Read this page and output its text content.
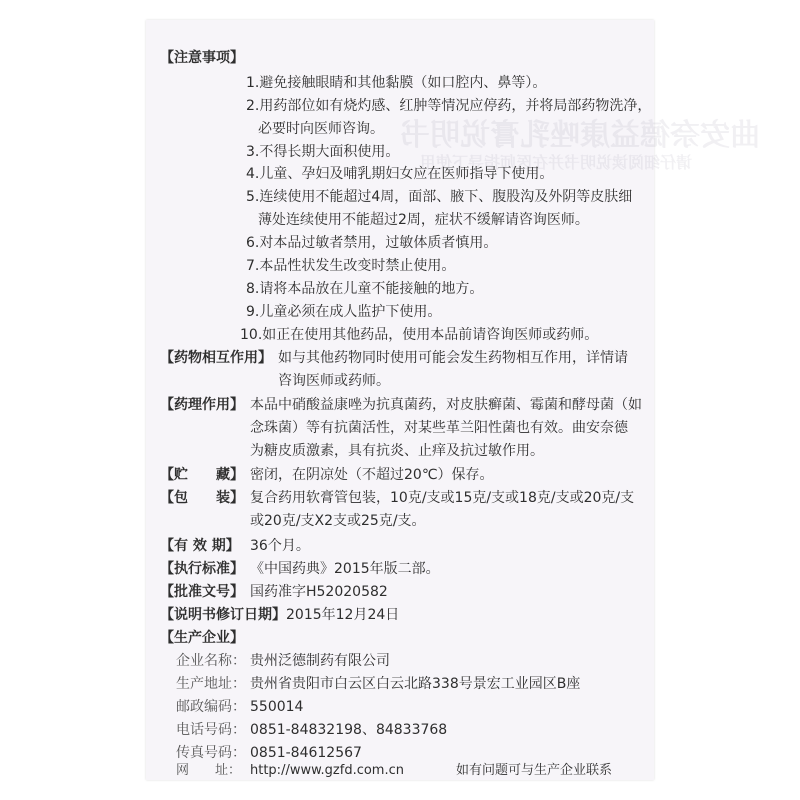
【注意事项】
1.避免接触眼睛和其他黏膜（如口腔内、鼻等）。
2.用药部位如有烧灼感、红肿等情况应停药，并将局部药物洗净，
必要时向医师咨询。
3.不得长期大面积使用。
4.儿童、孕妇及哺乳期妇女应在医师指导下使用。
5.连续使用不能超过4周，面部、腋下、腹股沟及外阴等皮肤细
薄处连续使用不能超过2周，症状不缓解请咨询医师。
6.对本品过敏者禁用，过敏体质者慎用。
7.本品性状发生改变时禁止使用。
8.请将本品放在儿童不能接触的地方。
9.儿童必须在成人监护下使用。
10.如正在使用其他药品，使用本品前请咨询医师或药师。
【药物相互作用】 如与其他药物同时使用可能会发生药物相互作用，详情请
咨询医师或药师。
【药理作用】 本品中硝酸益康唑为抗真菌药，对皮肤癣菌、霉菌和酵母菌（如
念珠菌）等有抗菌活性，对某些革兰阳性菌也有效。曲安奈德
为糖皮质激素，具有抗炎、止痒及抗过敏作用。
【贮　　藏】 密闭，在阴凉处（不超过20℃）保存。
【包　　装】 复合药用软膏管包装，10克/支或15克/支或18克/支或20克/支
或20克/支X2支或25克/支。
【有 效 期】 36个月。
【执行标准】 《中国药典》2015年版二部。
【批准文号】 国药准字H52020582
【说明书修订日期】 2015年12月24日
【生产企业】
企业名称： 贵州泛德制药有限公司
生产地址： 贵州省贵阳市白云区白云北路338号景宏工业园区B座
邮政编码： 550014
电话号码： 0851-84832198、84833768
传真号码： 0851-84612567
网　　址： http://www.gzfd.com.cn	如有问题可与生产企业联系
